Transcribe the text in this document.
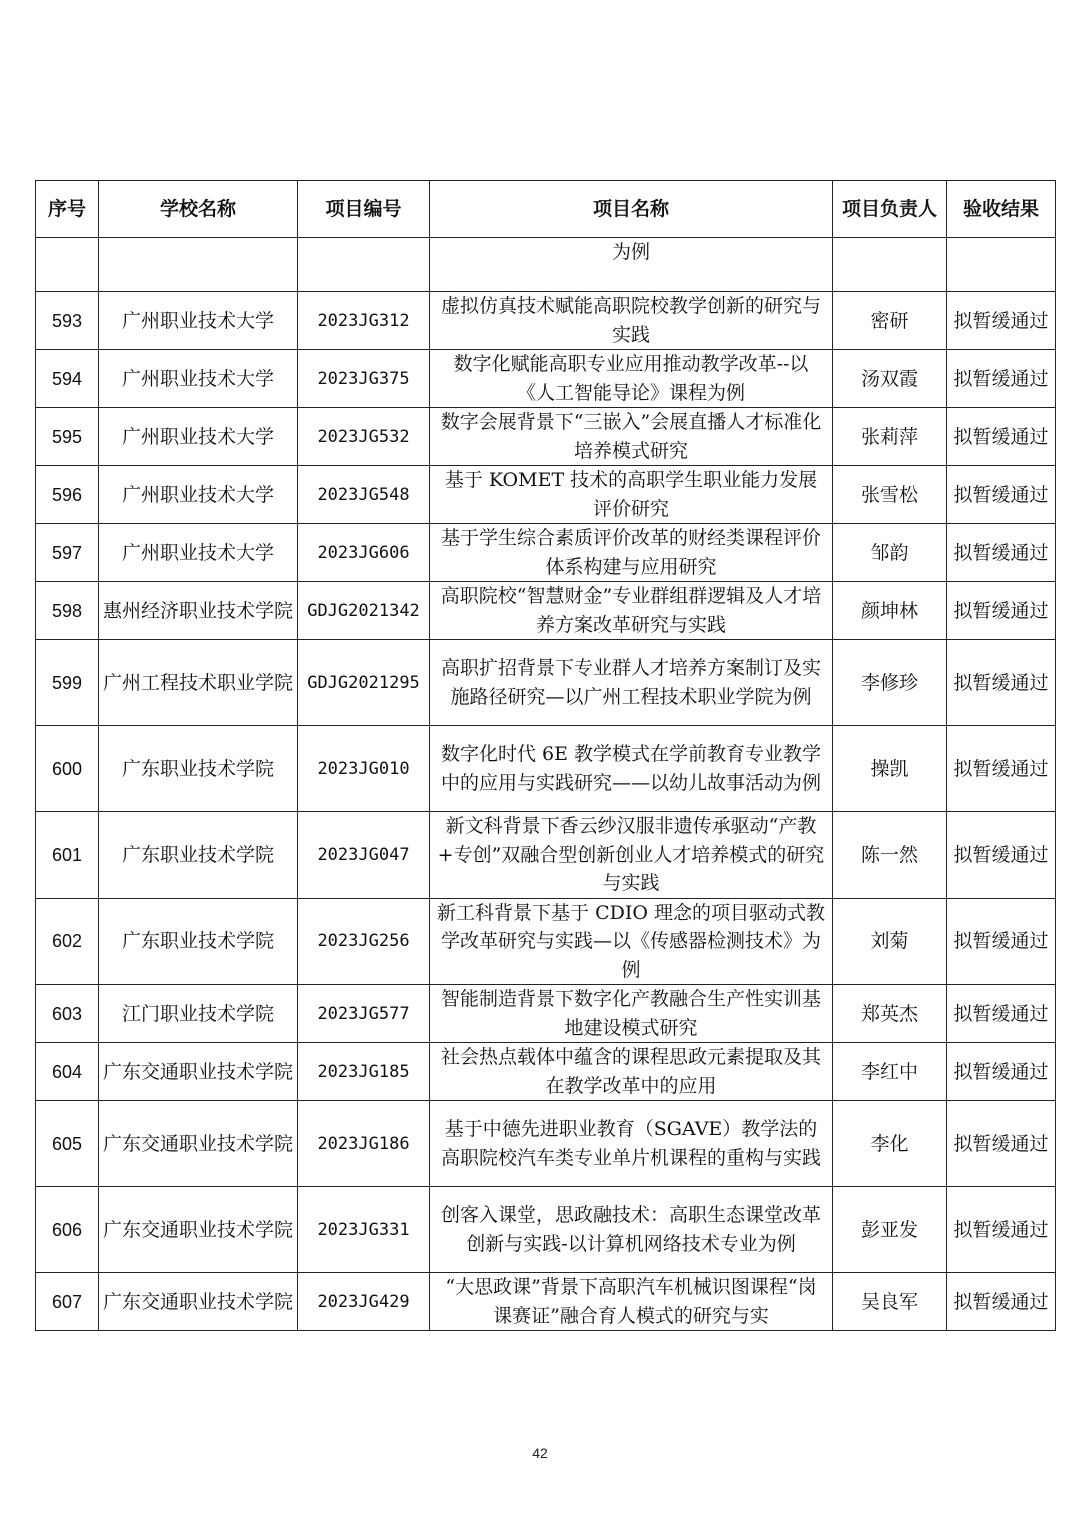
序号	学校名称	项目编号	项目名称	项目负责人	验收结果
			为例		
593	广州职业技术大学	2023JG312	虚拟仿真技术赋能高职院校教学创新的研究与实践	密研	拟暂缓通过
594	广州职业技术大学	2023JG375	数字化赋能高职专业应用推动教学改革--以《人工智能导论》课程为例	汤双霞	拟暂缓通过
595	广州职业技术大学	2023JG532	数字会展背景下“三嵌入”会展直播人才标准化培养模式研究	张莉萍	拟暂缓通过
596	广州职业技术大学	2023JG548	基于 KOMET 技术的高职学生职业能力发展评价研究	张雪松	拟暂缓通过
597	广州职业技术大学	2023JG606	基于学生综合素质评价改革的财经类课程评价体系构建与应用研究	邹韵	拟暂缓通过
598	惠州经济职业技术学院	GDJG2021342	高职院校“智慧财金”专业群组群逻辑及人才培养方案改革研究与实践	颜坤林	拟暂缓通过
599	广州工程技术职业学院	GDJG2021295	高职扩招背景下专业群人才培养方案制订及实施路径研究—以广州工程技术职业学院为例	李修珍	拟暂缓通过
600	广东职业技术学院	2023JG010	数字化时代 6E 教学模式在学前教育专业教学中的应用与实践研究——以幼儿故事活动为例	操凯	拟暂缓通过
601	广东职业技术学院	2023JG047	新文科背景下香云纱汉服非遗传承驱动“产教+专创”双融合型创新创业人才培养模式的研究与实践	陈一然	拟暂缓通过
602	广东职业技术学院	2023JG256	新工科背景下基于 CDIO 理念的项目驱动式教学改革研究与实践—以《传感器检测技术》为例	刘菊	拟暂缓通过
603	江门职业技术学院	2023JG577	智能制造背景下数字化产教融合生产性实训基地建设模式研究	郑英杰	拟暂缓通过
604	广东交通职业技术学院	2023JG185	社会热点载体中蕴含的课程思政元素提取及其在教学改革中的应用	李红中	拟暂缓通过
605	广东交通职业技术学院	2023JG186	基于中德先进职业教育（SGAVE）教学法的高职院校汽车类专业单片机课程的重构与实践	李化	拟暂缓通过
606	广东交通职业技术学院	2023JG331	创客入课堂，思政融技术：高职生态课堂改革创新与实践-以计算机网络技术专业为例	彭亚发	拟暂缓通过
607	广东交通职业技术学院	2023JG429	“大思政课”背景下高职汽车机械识图课程“岗课赛证”融合育人模式的研究与实	吴良军	拟暂缓通过
42
